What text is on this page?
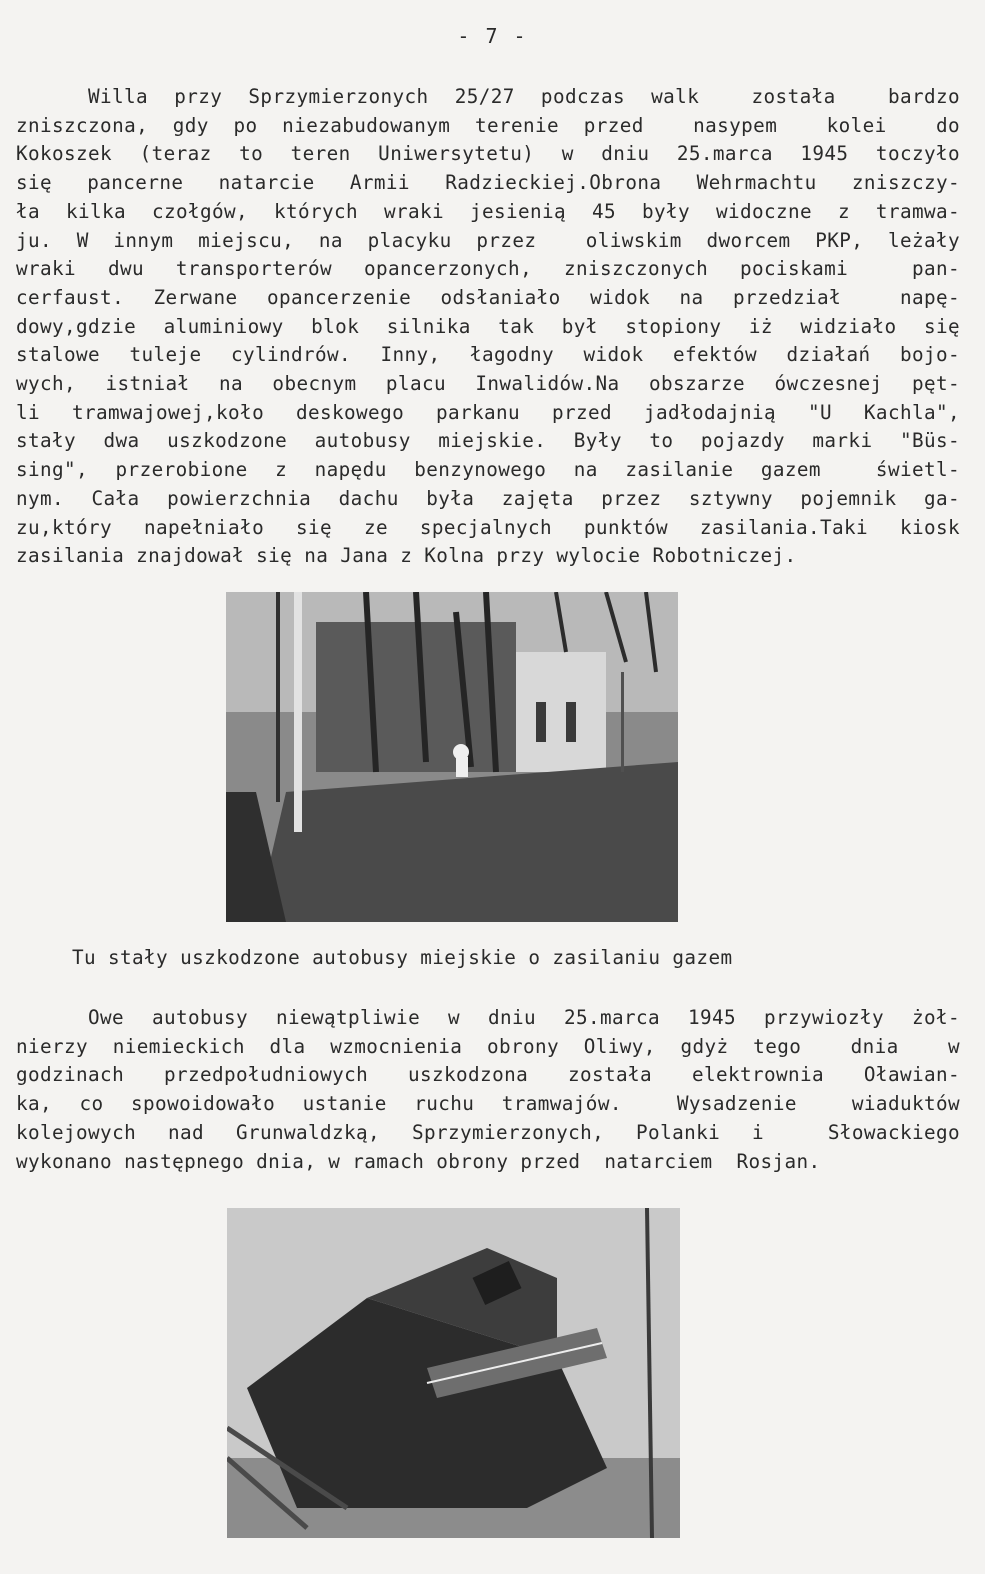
- 7 -
Willa przy Sprzymierzonych 25/27 podczas walk  została  bardzo
zniszczona, gdy po niezabudowanym terenie przed  nasypem  kolei  do
Kokoszek (teraz to teren Uniwersytetu) w dniu 25.marca 1945 toczyło
się pancerne natarcie Armii Radzieckiej.Obrona Wehrmachtu zniszczy-
ła kilka czołgów, których wraki jesienią 45 były widoczne z tramwa-
ju. W innym miejscu, na placyku przez  oliwskim dworcem PKP, leżały
wraki dwu transporterów opancerzonych, zniszczonych pociskami  pan-
cerfaust. Zerwane opancerzenie odsłaniało widok na przedział  napę-
dowy,gdzie aluminiowy blok silnika tak był stopiony iż widziało się
stalowe tuleje cylindrów. Inny, łagodny widok efektów działań bojo-
wych, istniał na obecnym placu Inwalidów.Na obszarze ówczesnej pęt-
li tramwajowej,koło deskowego parkanu przed jadłodajnią "U Kachla",
stały dwa uszkodzone autobusy miejskie. Były to pojazdy marki "Büs-
sing", przerobione z napędu benzynowego na zasilanie gazem  świetl-
nym. Cała powierzchnia dachu była zajęta przez sztywny pojemnik ga-
zu,który napełniało się ze specjalnych punktów zasilania.Taki kiosk
zasilania znajdował się na Jana z Kolna przy wylocie Robotniczej.
Tu stały uszkodzone autobusy miejskie o zasilaniu gazem
Owe autobusy niewątpliwie w dniu 25.marca 1945 przywiozły żoł-
nierzy niemieckich dla wzmocnienia obrony Oliwy, gdyż tego  dnia  w
godzinach przedpołudniowych uszkodzona została elektrownia Oławian-
ka, co spowoidowało ustanie ruchu tramwajów.  Wysadzenie  wiaduktów
kolejowych nad Grunwaldzką, Sprzymierzonych, Polanki i  Słowackiego
wykonano następnego dnia, w ramach obrony przed  natarciem  Rosjan.
